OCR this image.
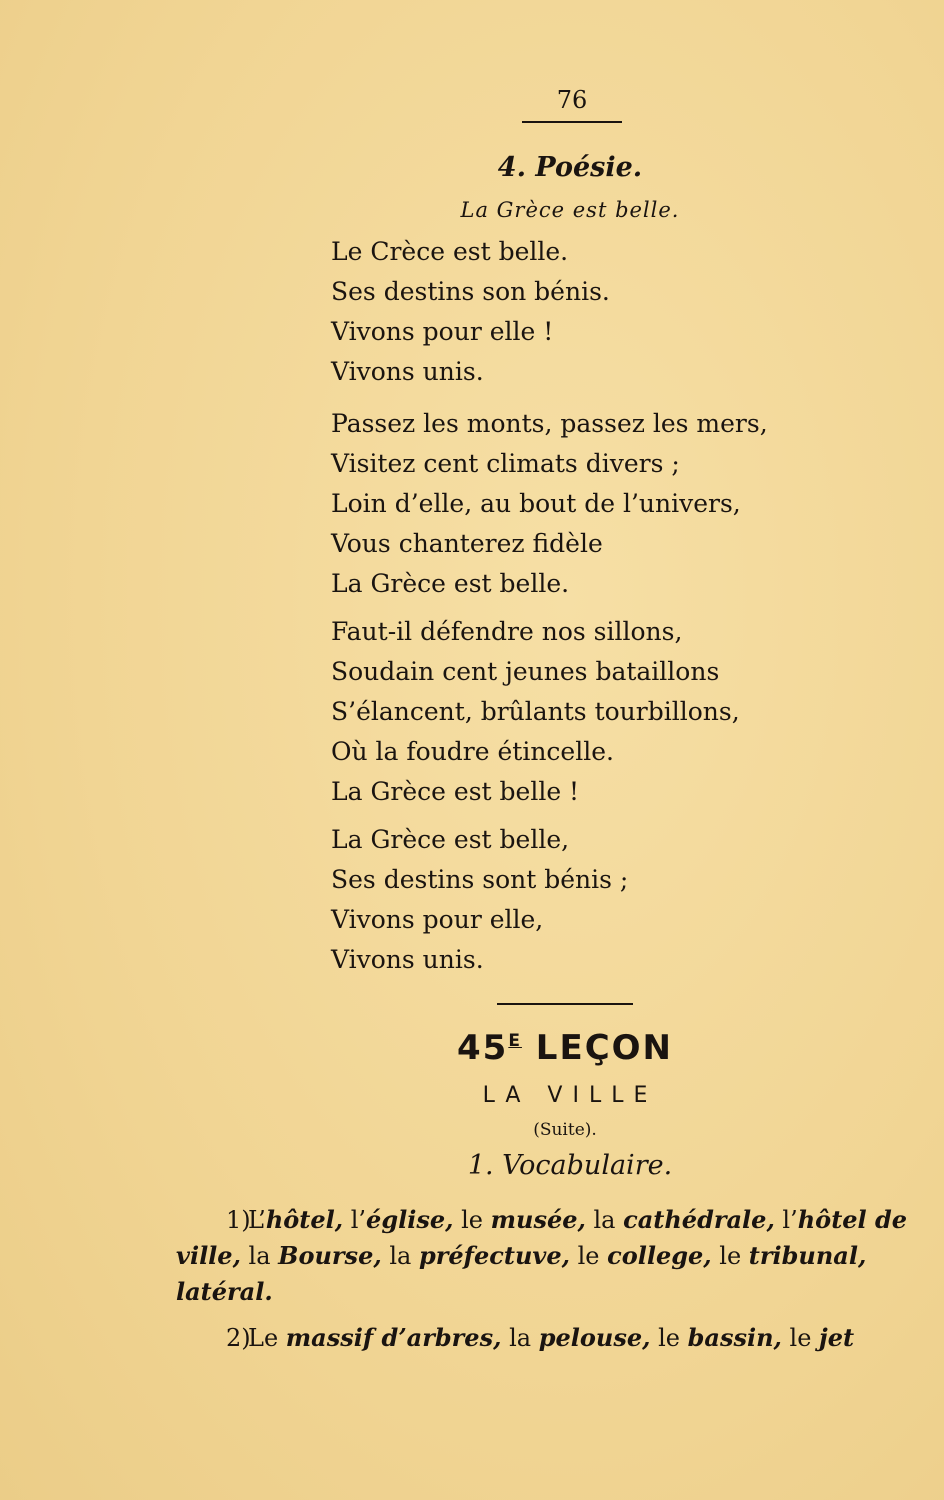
76
4. Poésie.
La Grèce est belle.
Le Crèce est belle.
Ses destins son bénis.
Vivons pour elle !
Vivons unis.
Passez les monts, passez les mers,
Visitez cent climats divers ;
Loin d’elle, au bout de l’univers,
Vous chanterez fidèle
La Grèce est belle.
Faut-il défendre nos sillons,
Soudain cent jeunes bataillons
S’élancent, brûlants tourbillons,
Où la foudre étincelle.
La Grèce est belle !
La Grèce est belle,
Ses destins sont bénis ;
Vivons pour elle,
Vivons unis.
$45^E$ LEÇON
LA VILLE
(Suite).
1. Vocabulaire.
1)L’hôtel, l’église, le musée, la cathédrale, l’hôtel de ville, la Bourse, la préfectuve, le college, le tribunal, latéral.
2)Le massif d’arbres, la pelouse, le bassin, le jet
